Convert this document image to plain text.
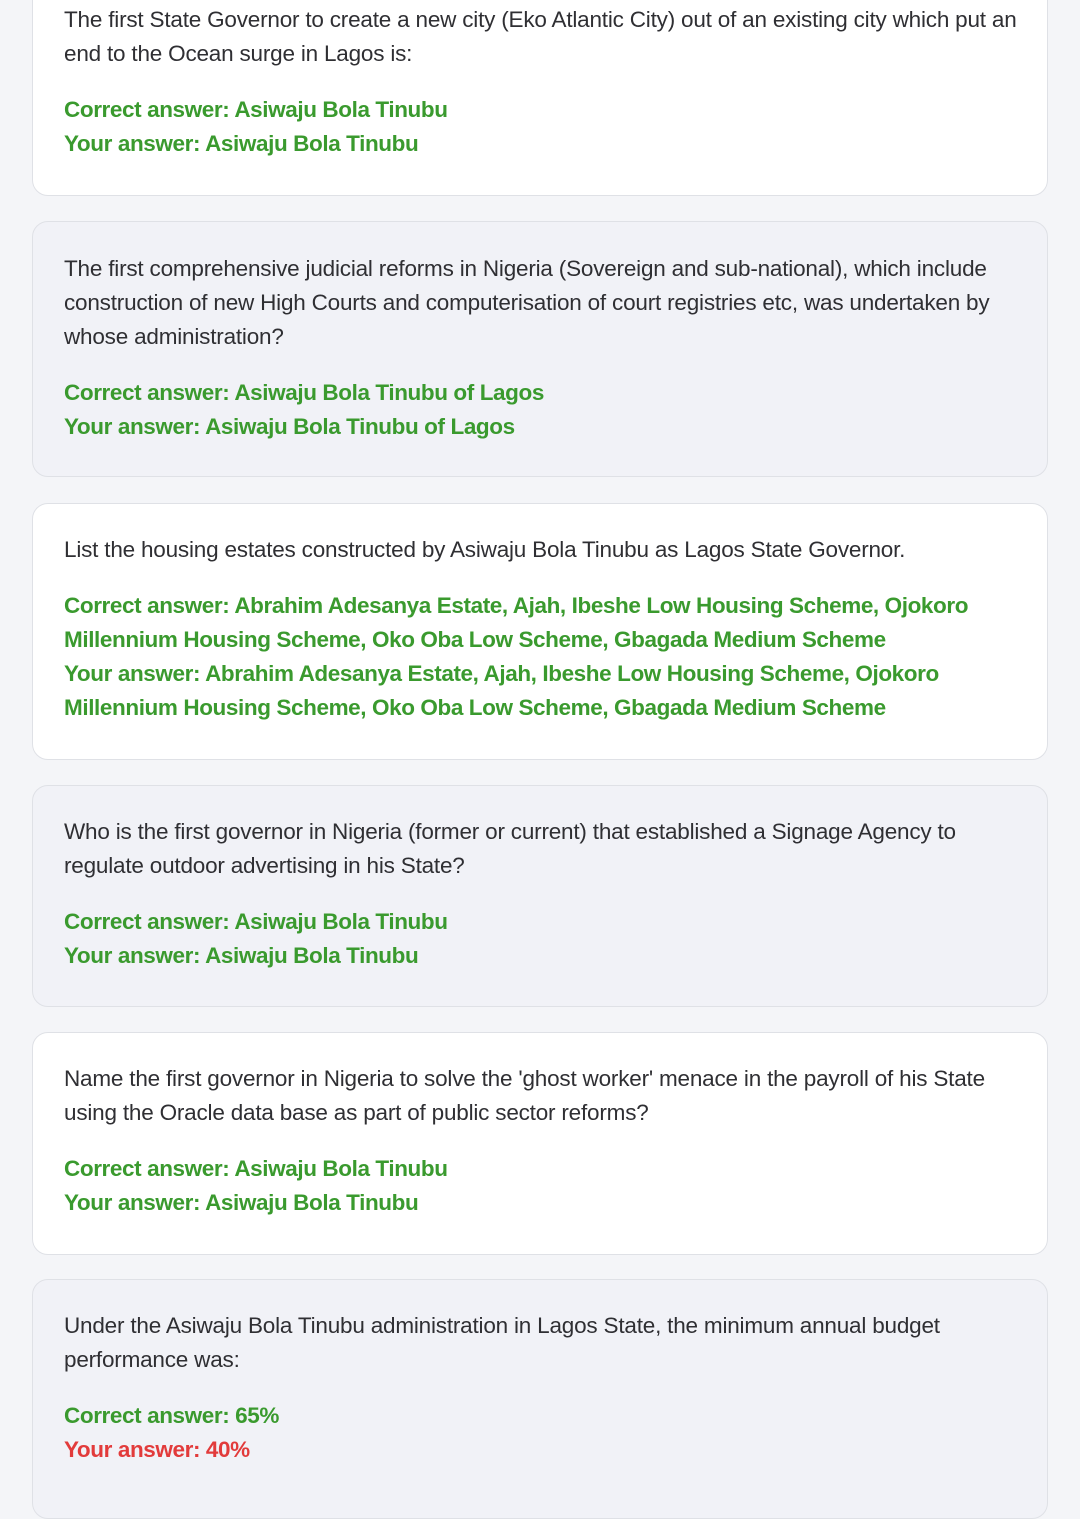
The first State Governor to create a new city (Eko Atlantic City) out of an existing city which put an end to the Ocean surge in Lagos is:

Correct answer: Asiwaju Bola Tinubu

Your answer: Asiwaju Bola Tinubu

The first comprehensive judicial reforms in Nigeria (Sovereign and sub-national), which include construction of new High Courts and computerisation of court registries etc, was undertaken by whose administration?

Correct answer: Asiwaju Bola Tinubu of Lagos

Your answer: Asiwaju Bola Tinubu of Lagos

List the housing estates constructed by Asiwaju Bola Tinubu as Lagos State Governor.

Correct answer: Abrahim Adesanya Estate, Ajah, Ibeshe Low Housing Scheme, Ojokoro Millennium Housing Scheme, Oko Oba Low Scheme, Gbagada Medium Scheme

Your answer: Abrahim Adesanya Estate, Ajah, Ibeshe Low Housing Scheme, Ojokoro Millennium Housing Scheme, Oko Oba Low Scheme, Gbagada Medium Scheme

Who is the first governor in Nigeria (former or current) that established a Signage Agency to regulate outdoor advertising in his State?

Correct answer: Asiwaju Bola Tinubu

Your answer: Asiwaju Bola Tinubu

Name the first governor in Nigeria to solve the 'ghost worker' menace in the payroll of his State using the Oracle data base as part of public sector reforms?

Correct answer: Asiwaju Bola Tinubu

Your answer: Asiwaju Bola Tinubu

Under the Asiwaju Bola Tinubu administration in Lagos State, the minimum annual budget performance was:

Correct answer: 65%

Your answer: 40%
